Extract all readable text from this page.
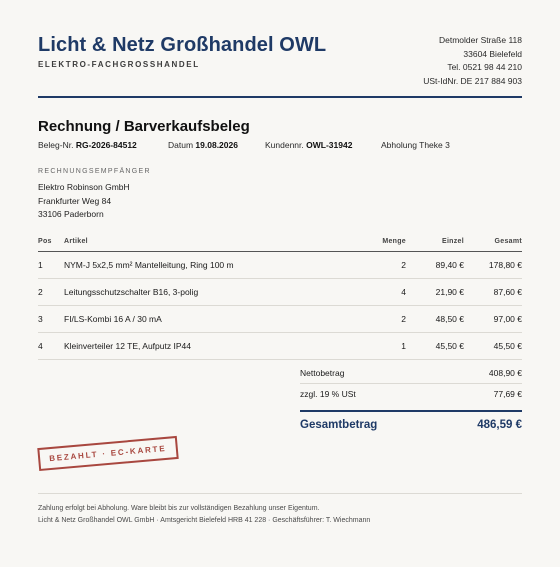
Licht & Netz Großhandel OWL
ELEKTRO-FACHGROSSHANDEL
Detmolder Straße 118
33604 Bielefeld
Tel. 0521 98 44 210
USt-IdNr. DE 217 884 903
Rechnung / Barverkaufsbeleg
Beleg-Nr. RG-2026-84512	Datum 19.08.2026	Kundennr. OWL-31942	Abholung Theke 3
RECHNUNGSEMPFÄNGER
Elektro Robinson GmbH
Frankfurter Weg 84
33106 Paderborn
Pos	Artikel	Menge	Einzel	Gesamt
1	NYM-J 5x2,5 mm² Mantelleitung, Ring 100 m	2	89,40 €	178,80 €
2	Leitungsschutzschalter B16, 3-polig	4	21,90 €	87,60 €
3	FI/LS-Kombi 16 A / 30 mA	2	48,50 €	97,00 €
4	Kleinverteiler 12 TE, Aufputz IP44	1	45,50 €	45,50 €
Nettobetrag	408,90 €
zzgl. 19 % USt	77,69 €
Gesamtbetrag	486,59 €
BEZAHLT · EC-KARTE
Zahlung erfolgt bei Abholung. Ware bleibt bis zur vollständigen Bezahlung unser Eigentum.
Licht & Netz Großhandel OWL GmbH · Amtsgericht Bielefeld HRB 41 228 · Geschäftsführer: T. Wiechmann
